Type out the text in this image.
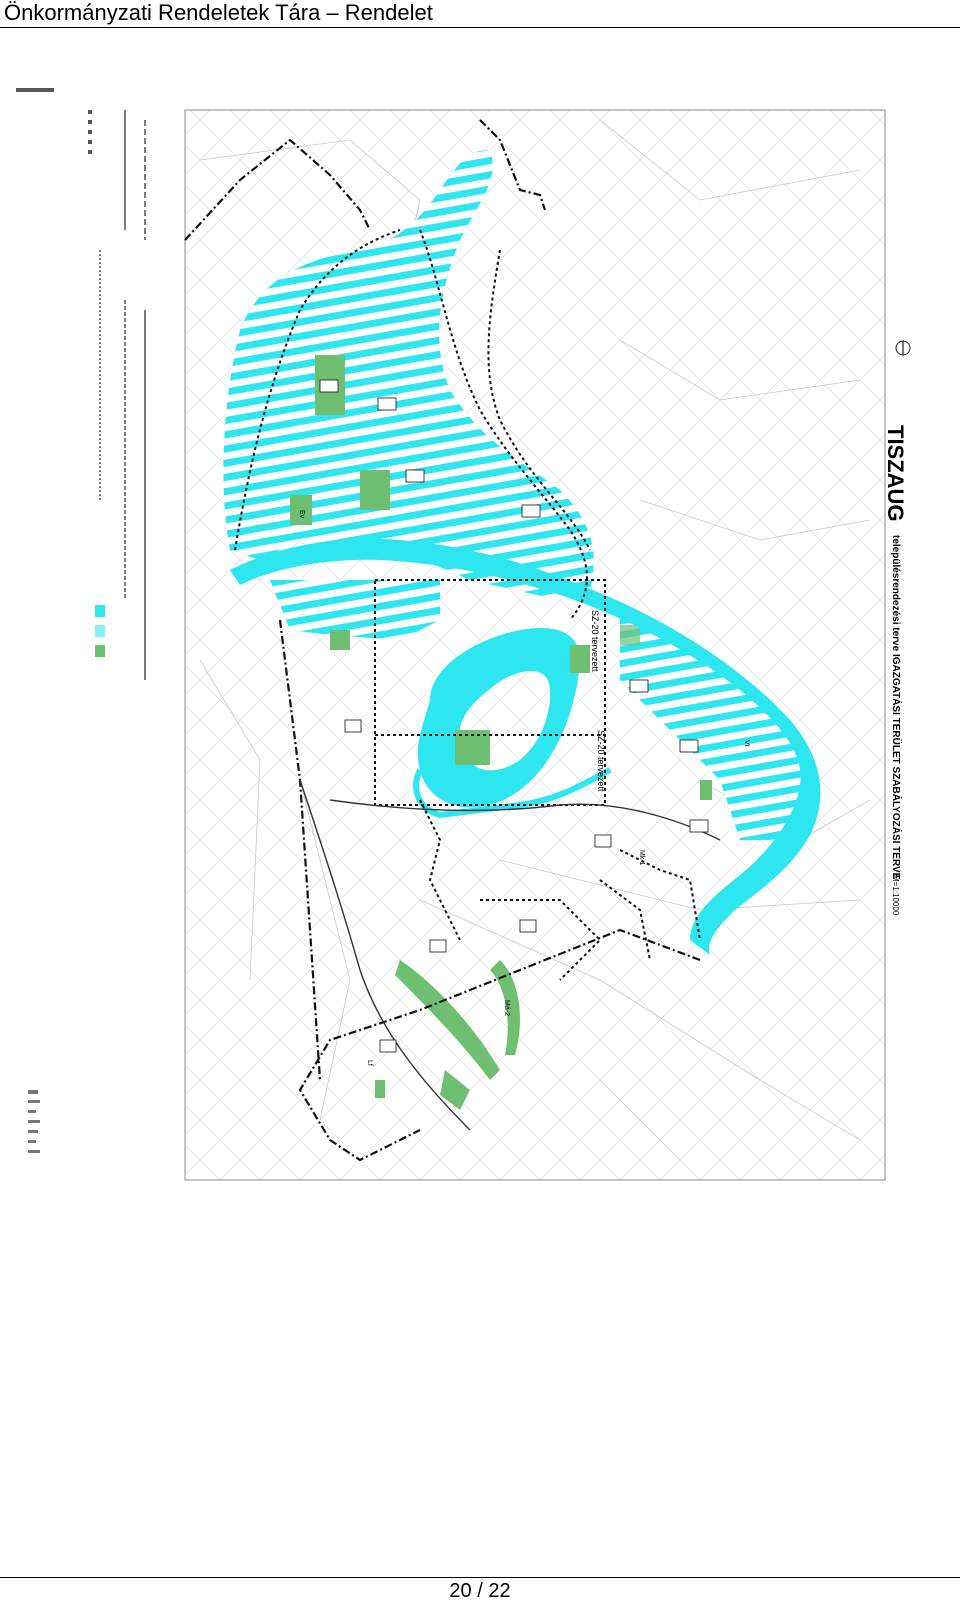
Önkormányzati Rendeletek Tára – Rendelet
SZ-20 tervezett
SZ-20 tervezett	Vt
Mk-1
Ev
Má-2
Lf
TISZAUG
településrendezési terve IGAZGATÁSI TERÜLET SZABÁLYOZÁSI TERVE
M=1:10000
20 / 22
